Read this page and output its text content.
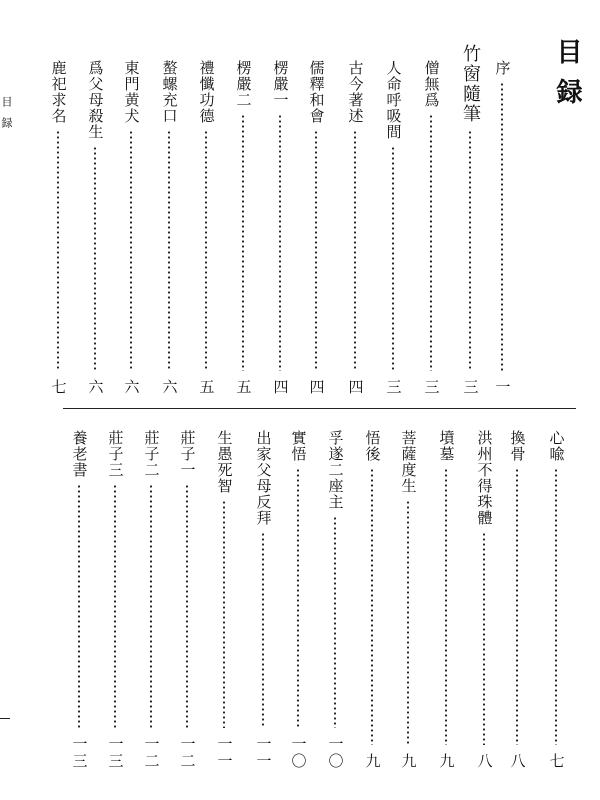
目録
目録
序
一
竹窗隨筆
三
僧無爲
三
人命呼吸間
三
古今著述
四
儒釋和會
四
楞嚴一
四
楞嚴二
五
禮懺功德
五
螯螺充口
六
東門黄犬
六
爲父母殺生
六
鹿祀求名
七
心喩
七
換骨
八
洪州不得珠體
八
墳墓
九
菩薩度生
九
悟後
九
孚遂二座主
一〇
實悟
一〇
出家父母反拜
一一
生愚死智
一一
莊子一
一二
莊子二
一二
莊子三
一三
養老書
一三
